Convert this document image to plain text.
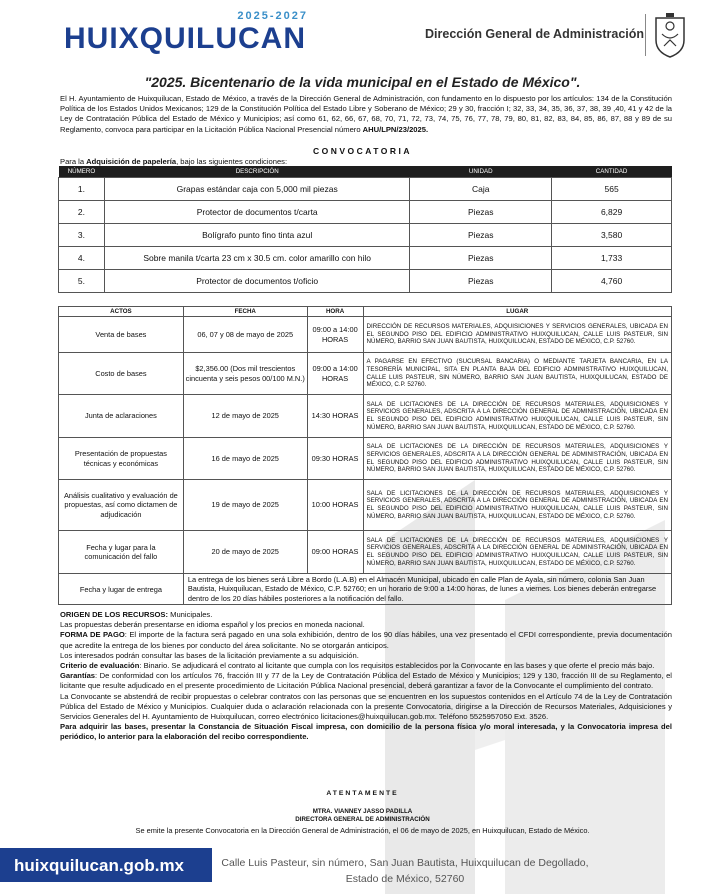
2025-2027
HUIXQUILUCAN	Dirección General de Administración
"2025. Bicentenario de la vida municipal en el Estado de México".
El H. Ayuntamiento de Huixquilucan, Estado de México, a través de la Dirección General de Administración, con fundamento en lo dispuesto por los artículos: 134 de la Constitución Política de los Estados Unidos Mexicanos; 129 de la Constitución Política del Estado Libre y Soberano de México; 29 y 30, fracción I; 32, 33, 34, 35, 36, 37, 38, 39 ,40, 41 y 42 de la Ley de Contratación Pública del Estado de México y Municipios; así como 61, 62, 66, 67, 68, 70, 71, 72, 73, 74, 75, 76, 77, 78, 79, 80, 81, 82, 83, 84, 85, 86, 87, 88 y 89 de su Reglamento, convoca para participar en la Licitación Pública Nacional Presencial número AHU/LPN/23/2025.
CONVOCATORIA
Para la Adquisición de papelería, bajo las siguientes condiciones:
NÚMERO	DESCRIPCIÓN	UNIDAD	CANTIDAD
1.	Grapas estándar caja con 5,000 mil piezas	Caja	565
2.	Protector de documentos t/carta	Piezas	6,829
3.	Bolígrafo punto fino tinta azul	Piezas	3,580
4.	Sobre manila t/carta 23 cm x 30.5 cm. color amarillo con hilo	Piezas	1,733
5.	Protector de documentos t/oficio	Piezas	4,760
ACTOS	FECHA	HORA	LUGAR
Venta de bases	06, 07 y 08 de mayo de 2025	09:00 a 14:00 HORAS	DIRECCIÓN DE RECURSOS MATERIALES, ADQUISICIONES Y SERVICIOS GENERALES, UBICADA EN EL SEGUNDO PISO DEL EDIFICIO ADMINISTRATIVO HUIXQUILUCAN, CALLE LUIS PASTEUR, SIN NÚMERO, BARRIO SAN JUAN BAUTISTA, HUIXQUILUCAN, ESTADO DE MÉXICO, C.P. 52760.
Costo de bases	$2,356.00 (Dos mil trescientos cincuenta y seis pesos 00/100 M.N.)	09:00 a 14:00 HORAS	A PAGARSE EN EFECTIVO (SUCURSAL BANCARIA) O MEDIANTE TARJETA BANCARIA, EN LA TESORERÍA MUNICIPAL, SITA EN PLANTA BAJA DEL EDIFICIO ADMINISTRATIVO HUIXQUILUCAN, CALLE LUIS PASTEUR, SIN NÚMERO, BARRIO SAN JUAN BAUTISTA, HUIXQUILUCAN, ESTADO DE MÉXICO, C.P. 52760.
Junta de aclaraciones	12 de mayo de 2025	14:30 HORAS	SALA DE LICITACIONES DE LA DIRECCIÓN DE RECURSOS MATERIALES, ADQUISICIONES Y SERVICIOS GENERALES, ADSCRITA A LA DIRECCIÓN GENERAL DE ADMINISTRACIÓN, UBICADA EN EL SEGUNDO PISO DEL EDIFICIO ADMINISTRATIVO HUIXQUILUCAN, CALLE LUIS PASTEUR, SIN NÚMERO, BARRIO SAN JUAN BAUTISTA, HUIXQUILUCAN, ESTADO DE MÉXICO, C.P. 52760.
Presentación de propuestas técnicas y económicas	16 de mayo de 2025	09:30 HORAS	SALA DE LICITACIONES DE LA DIRECCIÓN DE RECURSOS MATERIALES, ADQUISICIONES Y SERVICIOS GENERALES, ADSCRITA A LA DIRECCIÓN GENERAL DE ADMINISTRACIÓN, UBICADA EN EL SEGUNDO PISO DEL EDIFICIO ADMINISTRATIVO HUIXQUILUCAN, CALLE LUIS PASTEUR, SIN NÚMERO, BARRIO SAN JUAN BAUTISTA, HUIXQUILUCAN, ESTADO DE MÉXICO, C.P. 52760.
Análisis cualitativo y evaluación de propuestas, así como dictamen de adjudicación	19 de mayo de 2025	10:00 HORAS	SALA DE LICITACIONES DE LA DIRECCIÓN DE RECURSOS MATERIALES, ADQUISICIONES Y SERVICIOS GENERALES, ADSCRITA A LA DIRECCIÓN GENERAL DE ADMINISTRACIÓN, UBICADA EN EL SEGUNDO PISO DEL EDIFICIO ADMINISTRATIVO HUIXQUILUCAN, CALLE LUIS PASTEUR, SIN NÚMERO, BARRIO SAN JUAN BAUTISTA, HUIXQUILUCAN, ESTADO DE MÉXICO, C.P. 52760.
Fecha y lugar para la comunicación del fallo	20 de mayo de 2025	09:00 HORAS	SALA DE LICITACIONES DE LA DIRECCIÓN DE RECURSOS MATERIALES, ADQUISICIONES Y SERVICIOS GENERALES, ADSCRITA A LA DIRECCIÓN GENERAL DE ADMINISTRACIÓN, UBICADA EN EL SEGUNDO PISO DEL EDIFICIO ADMINISTRATIVO HUIXQUILUCAN, CALLE LUIS PASTEUR, SIN NÚMERO, BARRIO SAN JUAN BAUTISTA, HUIXQUILUCAN, ESTADO DE MÉXICO, C.P. 52760.
Fecha y lugar de entrega	La entrega de los bienes será Libre a Bordo (L.A.B) en el Almacén Municipal, ubicado en calle Plan de Ayala, sin número, colonia San Juan Bautista, Huixquilucan, Estado de México, C.P. 52760; en un horario de 9:00 a 14:00 horas, de lunes a viernes. Los bienes deberán entregarse dentro de los 20 días hábiles posteriores a la notificación del fallo.		

ORIGEN DE LOS RECURSOS: Municipales.

Las propuestas deberán presentarse en idioma español y los precios en moneda nacional.

FORMA DE PAGO: El importe de la factura será pagado en una sola exhibición, dentro de los 90 días hábiles, una vez presentado el CFDI correspondiente, previa documentación que acredite la entrega de los bienes por conducto del área solicitante. No se otorgarán anticipos.

Los interesados podrán consultar las bases de la licitación previamente a su adquisición.

Criterio de evaluación: Binario. Se adjudicará el contrato al licitante que cumpla con los requisitos establecidos por la Convocante en las bases y que oferte el precio más bajo.

Garantías: De conformidad con los artículos 76, fracción III y 77 de la Ley de Contratación Pública del Estado de México y Municipios; 129 y 130, fracción III de su Reglamento, el licitante que resulte adjudicado en el presente procedimiento de Licitación Pública Nacional presencial, deberá garantizar a favor de la Convocante el cumplimiento del contrato.

La Convocante se abstendrá de recibir propuestas o celebrar contratos con las personas que se encuentren en los supuestos contenidos en el Artículo 74 de la Ley de Contratación Pública del Estado de México y Municipios. Cualquier duda o aclaración relacionada con la presente Convocatoria, dirigirse a la Dirección de Recursos Materiales, Adquisiciones y Servicios Generales del H. Ayuntamiento de Huixquilucan, correo electrónico licitaciones@huixquilucan.gob.mx. Teléfono 5525957050 Ext. 3526.

Para adquirir las bases, presentar la Constancia de Situación Fiscal impresa, con domicilio de la persona física y/o moral interesada, y la Convocatoria impresa del periódico, lo anterior para la elaboración del recibo correspondiente.

ATENTAMENTE
MTRA. VIANNEY JASSO PADILLA
DIRECTORA GENERAL DE ADMINISTRACIÓN
Se emite la presente Convocatoria en la Dirección General de Administración, el 06 de mayo de 2025, en Huixquilucan, Estado de México.
huixquilucan.gob.mx	Calle Luis Pasteur, sin número, San Juan Bautista, Huixquilucan de Degollado,
Estado de México, 52760
